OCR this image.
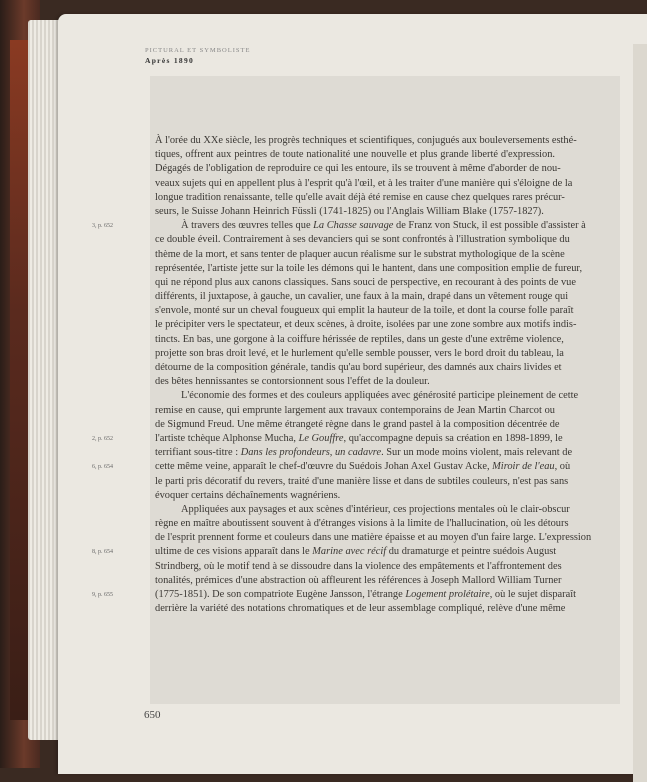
PICTURAL ET SYMBOLISTE
Après 1890
650
À l'orée du XXe siècle, les progrès techniques et scientifiques, conjugués aux bouleversements esthé-
tiques, offrent aux peintres de toute nationalité une nouvelle et plus grande liberté d'expression.
Dégagés de l'obligation de reproduire ce qui les entoure, ils se trouvent à même d'aborder de nou-
veaux sujets qui en appellent plus à l'esprit qu'à l'œil, et à les traiter d'une manière qui s'éloigne de la
longue tradition renaissante, telle qu'elle avait déjà été remise en cause chez quelques rares précur-
seurs, le Suisse Johann Heinrich Füssli (1741-1825) ou l'Anglais William Blake (1757-1827).
3, p. 652	À travers des œuvres telles que La Chasse sauvage de Franz von Stuck, il est possible d'assister à
ce double éveil. Contrairement à ses devanciers qui se sont confrontés à l'illustration symbolique du
thème de la mort, et sans tenter de plaquer aucun réalisme sur le substrat mythologique de la scène
représentée, l'artiste jette sur la toile les démons qui le hantent, dans une composition emplie de fureur,
qui ne répond plus aux canons classiques. Sans souci de perspective, en recourant à des points de vue
différents, il juxtapose, à gauche, un cavalier, une faux à la main, drapé dans un vêtement rouge qui
s'envole, monté sur un cheval fougueux qui emplit la hauteur de la toile, et dont la course folle paraît
le précipiter vers le spectateur, et deux scènes, à droite, isolées par une zone sombre aux motifs indis-
tincts. En bas, une gorgone à la coiffure hérissée de reptiles, dans un geste d'une extrême violence,
projette son bras droit levé, et le hurlement qu'elle semble pousser, vers le bord droit du tableau, la
détourne de la composition générale, tandis qu'au bord supérieur, des damnés aux chairs livides et
des bêtes hennissantes se contorsionnent sous l'effet de la douleur.
L'économie des formes et des couleurs appliquées avec générosité participe pleinement de cette
remise en cause, qui emprunte largement aux travaux contemporains de Jean Martin Charcot ou
de Sigmund Freud. Une même étrangeté règne dans le grand pastel à la composition décentrée de
2, p. 652	l'artiste tchèque Alphonse Mucha, Le Gouffre, qu'accompagne depuis sa création en 1898-1899, le
terrifiant sous-titre : Dans les profondeurs, un cadavre. Sur un mode moins violent, mais relevant de
6, p. 654	cette même veine, apparaît le chef-d'œuvre du Suédois Johan Axel Gustav Acke, Miroir de l'eau, où
le parti pris décoratif du revers, traité d'une manière lisse et dans de subtiles couleurs, n'est pas sans
évoquer certains déchaînements wagnériens.
Appliquées aux paysages et aux scènes d'intérieur, ces projections mentales où le clair-obscur
règne en maître aboutissent souvent à d'étranges visions à la limite de l'hallucination, où les détours
de l'esprit prennent forme et couleurs dans une matière épaisse et au moyen d'un faire large. L'expression
8, p. 654	ultime de ces visions apparaît dans le Marine avec récif du dramaturge et peintre suédois August
Strindberg, où le motif tend à se dissoudre dans la violence des empâtements et l'affrontement des
tonalités, prémices d'une abstraction où affleurent les références à Joseph Mallord William Turner
9, p. 655	(1775-1851). De son compatriote Eugène Jansson, l'étrange Logement prolétaire, où le sujet disparaît
derrière la variété des notations chromatiques et de leur assemblage compliqué, relève d'une même
